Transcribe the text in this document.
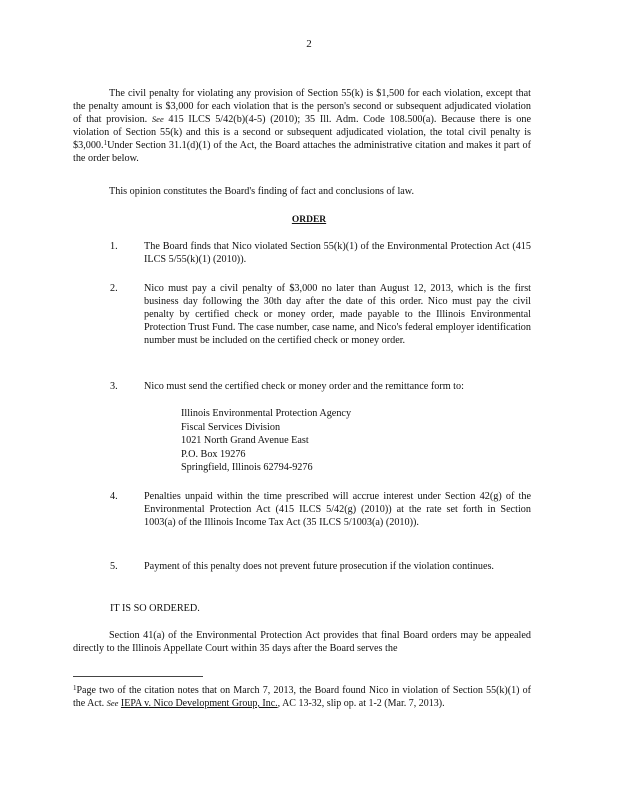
2
The civil penalty for violating any provision of Section 55(k) is $1,500 for each violation, except that the penalty amount is $3,000 for each violation that is the person's second or subsequent adjudicated violation of that provision. See 415 ILCS 5/42(b)(4-5) (2010); 35 Ill. Adm. Code 108.500(a). Because there is one violation of Section 55(k) and this is a second or subsequent adjudicated violation, the total civil penalty is $3,000.$^1$Under Section 31.1(d)(1) of the Act, the Board attaches the administrative citation and makes it part of the order below.
This opinion constitutes the Board's finding of fact and conclusions of law.
ORDER
1.	The Board finds that Nico violated Section 55(k)(1) of the Environmental Protection Act (415 ILCS 5/55(k)(1) (2010)).
2.	Nico must pay a civil penalty of $3,000 no later than August 12, 2013, which is the first business day following the 30th day after the date of this order. Nico must pay the civil penalty by certified check or money order, made payable to the Illinois Environmental Protection Trust Fund. The case number, case name, and Nico's federal employer identification number must be included on the certified check or money order.
3.	Nico must send the certified check or money order and the remittance form to:
Illinois Environmental Protection Agency
Fiscal Services Division
1021 North Grand Avenue East
P.O. Box 19276
Springfield, Illinois 62794-9276
4.	Penalties unpaid within the time prescribed will accrue interest under Section 42(g) of the Environmental Protection Act (415 ILCS 5/42(g) (2010)) at the rate set forth in Section 1003(a) of the Illinois Income Tax Act (35 ILCS 5/1003(a) (2010)).
5.	Payment of this penalty does not prevent future prosecution if the violation continues.
IT IS SO ORDERED.
Section 41(a) of the Environmental Protection Act provides that final Board orders may be appealed directly to the Illinois Appellate Court within 35 days after the Board serves the
$^1$Page two of the citation notes that on March 7, 2013, the Board found Nico in violation of Section 55(k)(1) of the Act. See IEPA v. Nico Development Group, Inc., AC 13-32, slip op. at 1-2 (Mar. 7, 2013).
